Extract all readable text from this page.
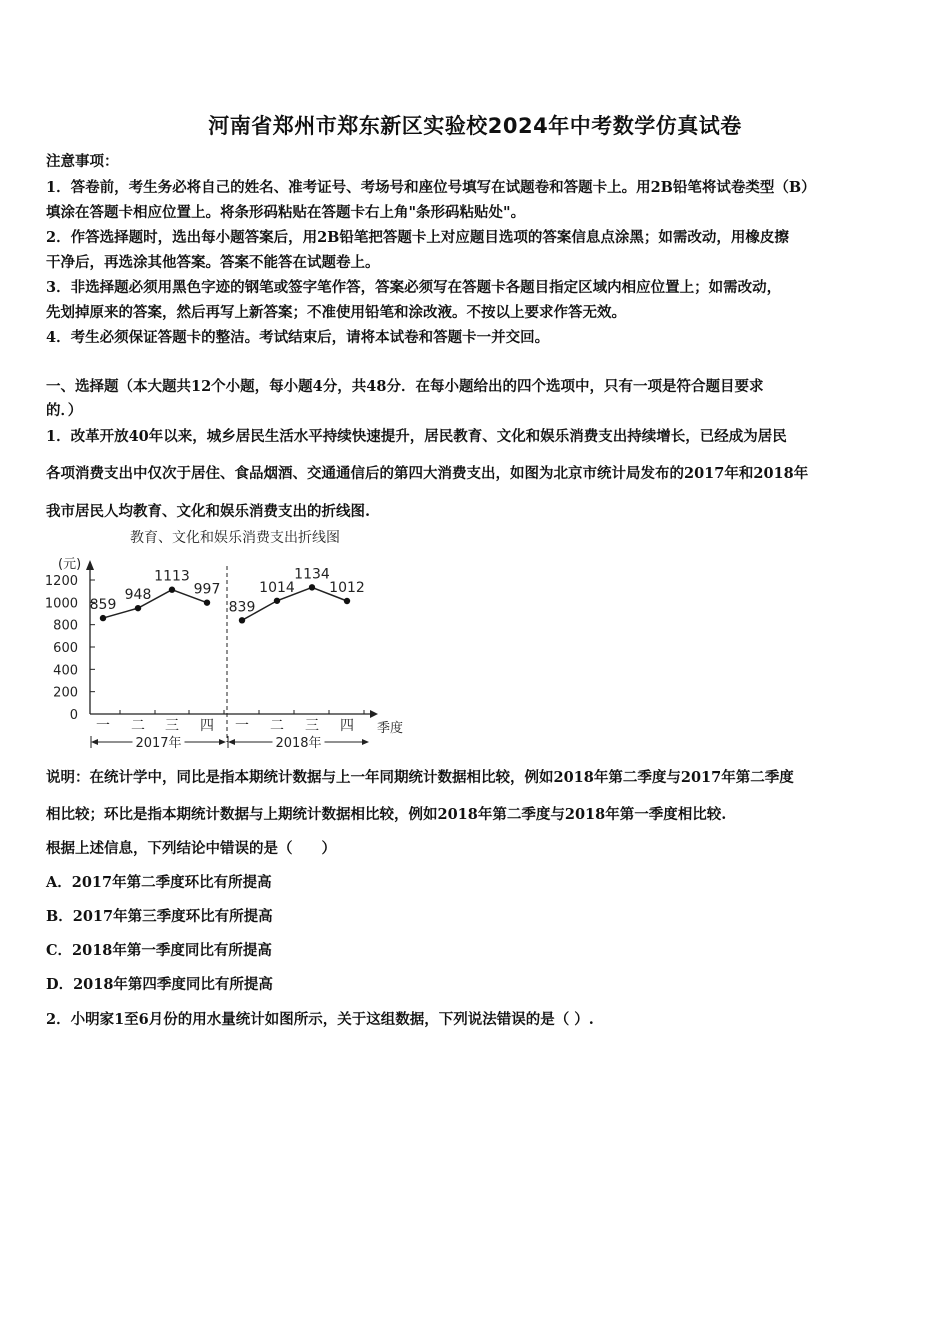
河南省郑州市郑东新区实验校2024年中考数学仿真试卷
注意事项：
1．答卷前，考生务必将自己的姓名、准考证号、考场号和座位号填写在试题卷和答题卡上。用2B铅笔将试卷类型（B）
填涂在答题卡相应位置上。将条形码粘贴在答题卡右上角"条形码粘贴处"。
2．作答选择题时，选出每小题答案后，用2B铅笔把答题卡上对应题目选项的答案信息点涂黑；如需改动，用橡皮擦
干净后，再选涂其他答案。答案不能答在试题卷上。
3．非选择题必须用黑色字迹的钢笔或签字笔作答，答案必须写在答题卡各题目指定区域内相应位置上；如需改动，
先划掉原来的答案，然后再写上新答案；不准使用铅笔和涂改液。不按以上要求作答无效。
4．考生必须保证答题卡的整洁。考试结束后，请将本试卷和答题卡一并交回。
一、选择题（本大题共12个小题，每小题4分，共48分．在每小题给出的四个选项中，只有一项是符合题目要求
的．）
1．改革开放40年以来，城乡居民生活水平持续快速提升，居民教育、文化和娱乐消费支出持续增长，已经成为居民
各项消费支出中仅次于居住、食品烟酒、交通通信后的第四大消费支出，如图为北京市统计局发布的2017年和2018年
我市居民人均教育、文化和娱乐消费支出的折线图.
教育、文化和娱乐消费支出折线图
(元)
0
200
400
600
800
1000
1200
一 二 三 四 一 二 三 四 季度
2017年	2018年
859
948
1113
997
839
1014
1134
1012
说明：在统计学中，同比是指本期统计数据与上一年同期统计数据相比较，例如2018年第二季度与2017年第二季度
相比较；环比是指本期统计数据与上期统计数据相比较，例如2018年第二季度与2018年第一季度相比较.
根据上述信息，下列结论中错误的是（　　）
A．2017年第二季度环比有所提高
B．2017年第三季度环比有所提高
C．2018年第一季度同比有所提高
D．2018年第四季度同比有所提高
2．小明家1至6月份的用水量统计如图所示，关于这组数据，下列说法错误的是（ ）.
